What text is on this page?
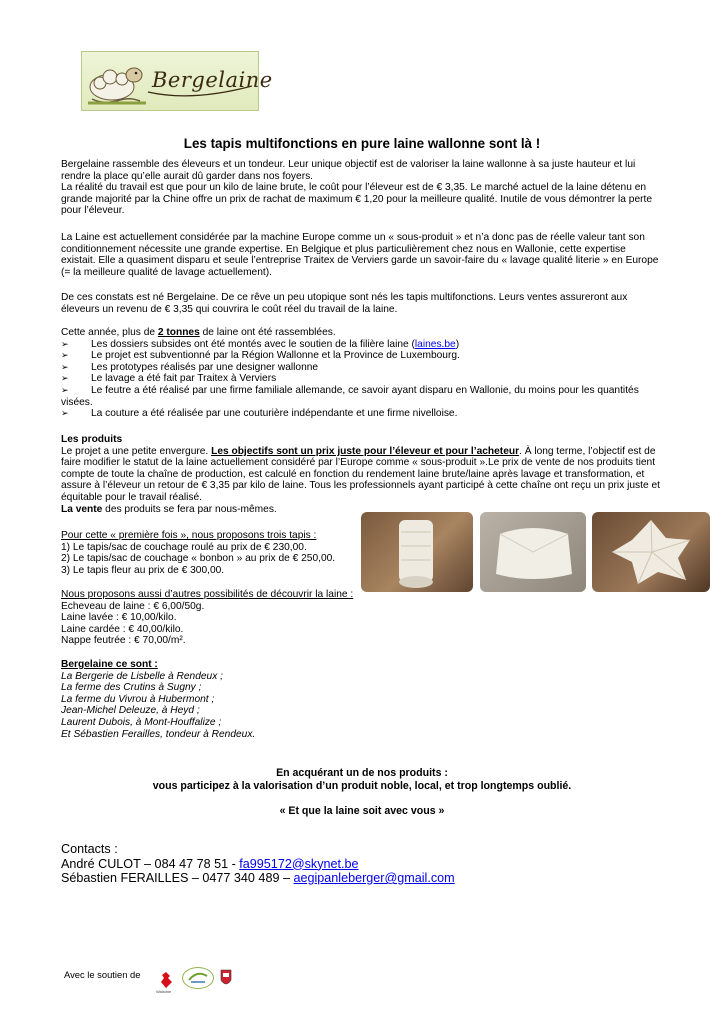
Bergelaine
Les tapis multifonctions en pure laine wallonne sont là !

Bergelaine rassemble des éleveurs et un tondeur. Leur unique objectif est de valoriser la laine wallonne à sa juste hauteur et lui rendre la place qu’elle aurait dû garder dans nos foyers.

La réalité du travail est que pour un kilo de laine brute, le coût pour l’éleveur est de € 3,35. Le marché actuel de la laine détenu en grande majorité par la Chine offre un prix de rachat de maximum € 1,20 pour la meilleure qualité. Inutile de vous démontrer la perte pour l’éleveur.

La Laine est actuellement considérée par la machine Europe comme un « sous-produit » et n’a donc pas de réelle valeur tant son conditionnement nécessite une grande expertise. En Belgique et plus particulièrement chez nous en Wallonie, cette expertise existait. Elle a quasiment disparu et seule l’entreprise Traitex de Verviers garde un savoir-faire du « lavage qualité literie » en Europe (= la meilleure qualité de lavage actuellement).
De ces constats est né Bergelaine. De ce rêve un peu utopique sont nés les tapis multifonctions. Leurs ventes assureront aux éleveurs un revenu de € 3,35 qui couvrira le coût réel du travail de la laine.

Cette année, plus de 2 tonnes de laine ont été rassemblées.

➢ Les dossiers subsides ont été montés avec le soutien de la filière laine (laines.be)
➢ Le projet est subventionné par la Région Wallonne et la Province de Luxembourg.
➢ Les prototypes réalisés par une designer wallonne
➢ Le lavage a été fait par Traitex à Verviers
➢ Le feutre a été réalisé par une firme familiale allemande, ce savoir ayant disparu en Wallonie, du moins pour les quantités visées.
➢ La couture a été réalisée par une couturière indépendante et une firme nivelloise.

Les produits

Le projet a une petite envergure. Les objectifs sont un prix juste pour l’éleveur et pour l’acheteur. À long terme, l’objectif est de faire modifier le statut de la laine actuellement considéré par l’Europe comme « sous-produit ».Le prix de vente de nos produits tient compte de toute la chaîne de production, est calculé en fonction du rendement laine brute/laine après lavage et transformation, et assure à l’éleveur un retour de € 3,35 par kilo de laine. Tous les professionnels ayant participé à cette chaîne ont reçu un prix juste et équitable pour le travail réalisé.

La vente des produits se fera par nous-mêmes.

Pour cette « première fois », nous proposons trois tapis :

1) Le tapis/sac de couchage roulé au prix de € 230,00.

2) Le tapis/sac de couchage « bonbon » au prix de € 250,00.

3) Le tapis fleur au prix de € 300,00.

Nous proposons aussi d’autres possibilités de découvrir la laine :

Echeveau de laine : € 6,00/50g.

Laine lavée : € 10,00/kilo.

Laine cardée : € 40,00/kilo.

Nappe feutrée : € 70,00/m².

Bergelaine ce sont :

La Bergerie de Lisbelle à Rendeux ;

La ferme des Crutins à Sugny ;

La ferme du Vivrou à Hubermont ;

Jean-Michel Deleuze, à Heyd ;

Laurent Dubois, à Mont-Houffalize ;

Et Sébastien Ferailles, tondeur à Rendeux.

En acquérant un de nos produits :
vous participez à la valorisation d’un produit noble, local, et trop longtemps oublié.
« Et que la laine soit avec vous »

Contacts :

André CULOT – 084 47 78 51 - fa995172@skynet.be

Sébastien FERAILLES – 0477 340 489 – aegipanleberger@gmail.com

Avec le soutien de
Wallonie
